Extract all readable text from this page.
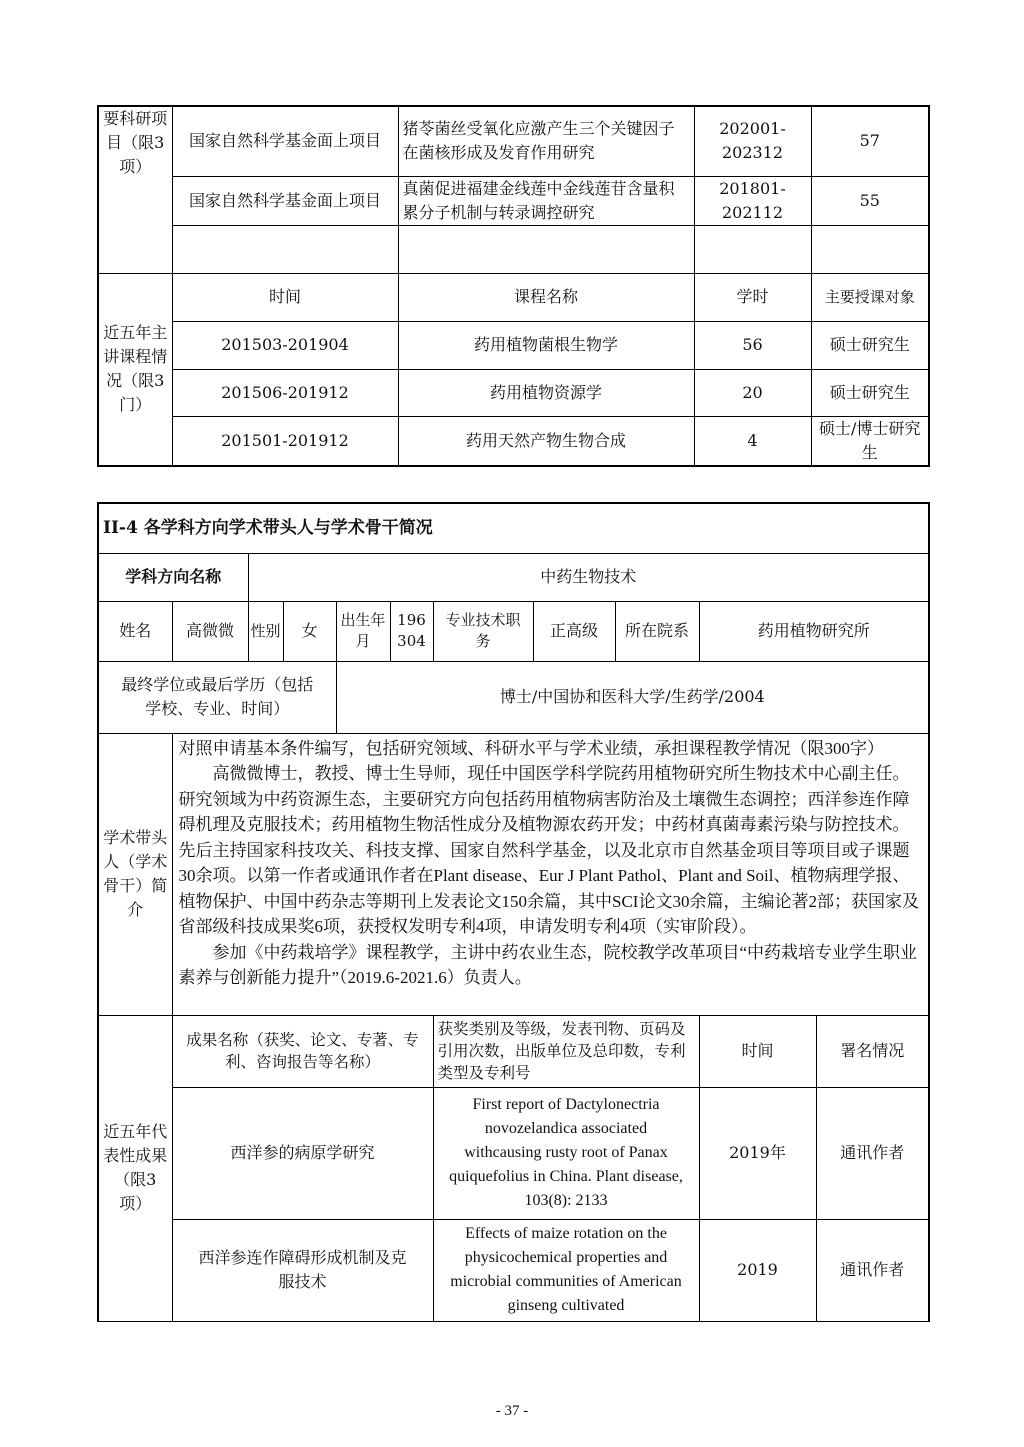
要科研项目（限3项）	国家自然科学基金面上项目	猪苓菌丝受氧化应激产生三个关键因子在菌核形成及发育作用研究	202001-202312	57
	国家自然科学基金面上项目	真菌促进福建金线莲中金线莲苷含量积累分子机制与转录调控研究	201801-202112	55

近五年主讲课程情况（限3门）	时间	课程名称	学时	主要授课对象
	201503-201904	药用植物菌根生物学	56	硕士研究生
	201506-201912	药用植物资源学	20	硕士研究生
	201501-201912	药用天然产物生物合成	4	硕士/博士研究生
II-4 各学科方向学术带头人与学术骨干简况										
学科方向名称		中药生物技术								
姓名	高微微	性别	女	出生年月	196304	专业技术职　务	正高级	所在院系	药用植物研究所	
最终学位或最后学历（包括学校、专业、时间）				博士/中国协和医科大学/生药学/2004						
学术带头人（学术骨干）简介	对照申请基本条件编写，包括研究领域、科研水平与学术业绩，承担课程教学情况（限300字）

高微微博士，教授、博士生导师，现任中国医学科学院药用植物研究所生物技术中心副主任。研究领域为中药资源生态，主要研究方向包括药用植物病害防治及土壤微生态调控；西洋参连作障碍机理及克服技术；药用植物生物活性成分及植物源农药开发；中药材真菌毒素污染与防控技术。先后主持国家科技攻关、科技支撑、国家自然科学基金，以及北京市自然基金项目等项目或子课题30余项。以第一作者或通讯作者在Plant disease、Eur J Plant Pathol、Plant and Soil、植物病理学报、植物保护、中国中药杂志等期刊上发表论文150余篇，其中SCI论文30余篇，主编论著2部；获国家及省部级科技成果奖6项，获授权发明专利4项，申请发明专利4项（实审阶段）。

参加《中药栽培学》课程教学，主讲中药农业生态，院校教学改革项目“中药栽培专业学生职业素养与创新能力提升”（2019.6-2021.6）负责人。									

近五年代表性成果（限3项）	成果名称（获奖、论文、专著、专利、咨询报告等名称）					获奖类别及等级，发表刊物、页码及引用次数，出版单位及总印数，专利类型及专利号			时间	署名情况
	西洋参的病原学研究					First report of Dactylonectria novozelandica associated withcausing rusty root of Panax quiquefolius in China. Plant disease, 103(8): 2133			2019年	通讯作者
	西洋参连作障碍形成机制及克服技术					Effects of maize rotation on the physicochemical properties and microbial communities of American ginseng cultivated			2019	通讯作者
- 37 -
